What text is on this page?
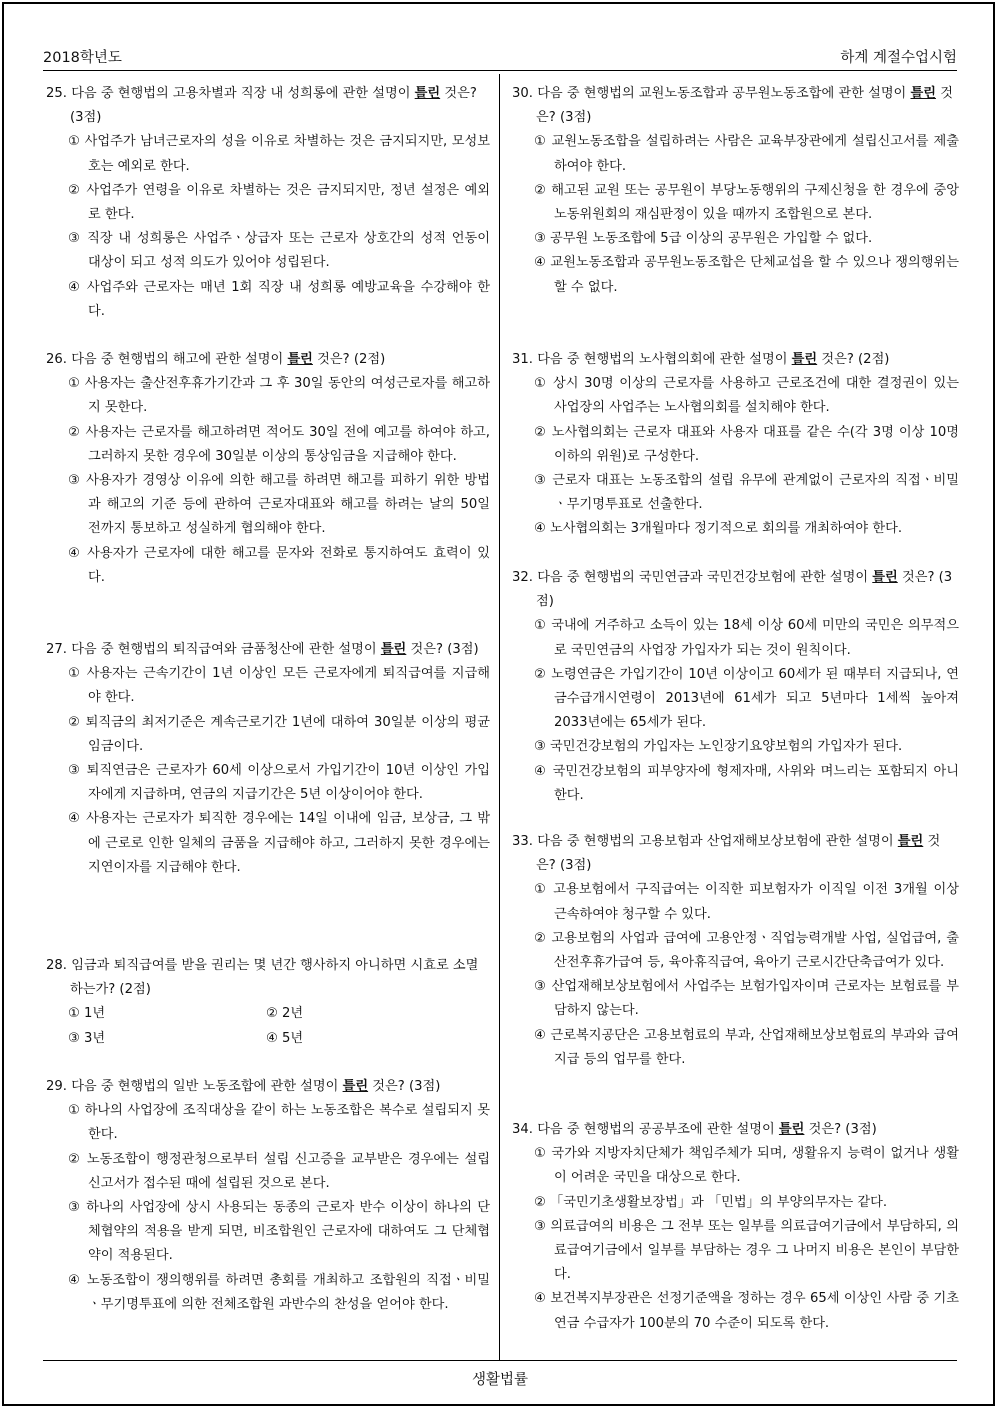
2018학년도	하계 계절수업시험
25. 다음 중 현행법의 고용차별과 직장 내 성희롱에 관한 설명이 틀린 것은? (3점)
① 사업주가 남녀근로자의 성을 이유로 차별하는 것은 금지되지만, 모성보호는 예외로 한다.
② 사업주가 연령을 이유로 차별하는 것은 금지되지만, 정년 설정은 예외로 한다.
③ 직장 내 성희롱은 사업주ㆍ상급자 또는 근로자 상호간의 성적 언동이 대상이 되고 성적 의도가 있어야 성립된다.
④ 사업주와 근로자는 매년 1회 직장 내 성희롱 예방교육을 수강해야 한다.
26. 다음 중 현행법의 해고에 관한 설명이 틀린 것은? (2점)
① 사용자는 출산전후휴가기간과 그 후 30일 동안의 여성근로자를 해고하지 못한다.
② 사용자는 근로자를 해고하려면 적어도 30일 전에 예고를 하여야 하고, 그러하지 못한 경우에 30일분 이상의 통상임금을 지급해야 한다.
③ 사용자가 경영상 이유에 의한 해고를 하려면 해고를 피하기 위한 방법과 해고의 기준 등에 관하여 근로자대표와 해고를 하려는 날의 50일 전까지 통보하고 성실하게 협의해야 한다.
④ 사용자가 근로자에 대한 해고를 문자와 전화로 통지하여도 효력이 있다.
27. 다음 중 현행법의 퇴직급여와 금품청산에 관한 설명이 틀린 것은? (3점)
① 사용자는 근속기간이 1년 이상인 모든 근로자에게 퇴직급여를 지급해야 한다.
② 퇴직금의 최저기준은 계속근로기간 1년에 대하여 30일분 이상의 평균임금이다.
③ 퇴직연금은 근로자가 60세 이상으로서 가입기간이 10년 이상인 가입자에게 지급하며, 연금의 지급기간은 5년 이상이어야 한다.
④ 사용자는 근로자가 퇴직한 경우에는 14일 이내에 임금, 보상금, 그 밖에 근로로 인한 일체의 금품을 지급해야 하고, 그러하지 못한 경우에는 지연이자를 지급해야 한다.
28. 임금과 퇴직급여를 받을 권리는 몇 년간 행사하지 아니하면 시효로 소멸하는가? (2점)
① 1년	② 2년
③ 3년	④ 5년
29. 다음 중 현행법의 일반 노동조합에 관한 설명이 틀린 것은? (3점)
① 하나의 사업장에 조직대상을 같이 하는 노동조합은 복수로 설립되지 못한다.
② 노동조합이 행정관청으로부터 설립 신고증을 교부받은 경우에는 설립신고서가 접수된 때에 설립된 것으로 본다.
③ 하나의 사업장에 상시 사용되는 동종의 근로자 반수 이상이 하나의 단체협약의 적용을 받게 되면, 비조합원인 근로자에 대하여도 그 단체협약이 적용된다.
④ 노동조합이 쟁의행위를 하려면 총회를 개최하고 조합원의 직접ㆍ비밀ㆍ무기명투표에 의한 전체조합원 과반수의 찬성을 얻어야 한다.
30. 다음 중 현행법의 교원노동조합과 공무원노동조합에 관한 설명이 틀린 것은? (3점)
① 교원노동조합을 설립하려는 사람은 교육부장관에게 설립신고서를 제출하여야 한다.
② 해고된 교원 또는 공무원이 부당노동행위의 구제신청을 한 경우에 중앙노동위원회의 재심판정이 있을 때까지 조합원으로 본다.
③ 공무원 노동조합에 5급 이상의 공무원은 가입할 수 없다.
④ 교원노동조합과 공무원노동조합은 단체교섭을 할 수 있으나 쟁의행위는 할 수 없다.
31. 다음 중 현행법의 노사협의회에 관한 설명이 틀린 것은? (2점)
① 상시 30명 이상의 근로자를 사용하고 근로조건에 대한 결정권이 있는 사업장의 사업주는 노사협의회를 설치해야 한다.
② 노사협의회는 근로자 대표와 사용자 대표를 같은 수(각 3명 이상 10명 이하의 위원)로 구성한다.
③ 근로자 대표는 노동조합의 설립 유무에 관계없이 근로자의 직접ㆍ비밀ㆍ무기명투표로 선출한다.
④ 노사협의회는 3개월마다 정기적으로 회의를 개최하여야 한다.
32. 다음 중 현행법의 국민연금과 국민건강보험에 관한 설명이 틀린 것은? (3점)
① 국내에 거주하고 소득이 있는 18세 이상 60세 미만의 국민은 의무적으로 국민연금의 사업장 가입자가 되는 것이 원칙이다.
② 노령연금은 가입기간이 10년 이상이고 60세가 된 때부터 지급되나, 연금수급개시연령이 2013년에 61세가 되고 5년마다 1세씩 높아져 2033년에는 65세가 된다.
③ 국민건강보험의 가입자는 노인장기요양보험의 가입자가 된다.
④ 국민건강보험의 피부양자에 형제자매, 사위와 며느리는 포함되지 아니한다.
33. 다음 중 현행법의 고용보험과 산업재해보상보험에 관한 설명이 틀린 것은? (3점)
① 고용보험에서 구직급여는 이직한 피보험자가 이직일 이전 3개월 이상 근속하여야 청구할 수 있다.
② 고용보험의 사업과 급여에 고용안정ㆍ직업능력개발 사업, 실업급여, 출산전후휴가급여 등, 육아휴직급여, 육아기 근로시간단축급여가 있다.
③ 산업재해보상보험에서 사업주는 보험가입자이며 근로자는 보험료를 부담하지 않는다.
④ 근로복지공단은 고용보험료의 부과, 산업재해보상보험료의 부과와 급여 지급 등의 업무를 한다.
34. 다음 중 현행법의 공공부조에 관한 설명이 틀린 것은? (3점)
① 국가와 지방자치단체가 책임주체가 되며, 생활유지 능력이 없거나 생활이 어려운 국민을 대상으로 한다.
② 「국민기초생활보장법」과 「민법」의 부양의무자는 같다.
③ 의료급여의 비용은 그 전부 또는 일부를 의료급여기금에서 부담하되, 의료급여기금에서 일부를 부담하는 경우 그 나머지 비용은 본인이 부담한다.
④ 보건복지부장관은 선정기준액을 정하는 경우 65세 이상인 사람 중 기초연금 수급자가 100분의 70 수준이 되도록 한다.
생활법률
